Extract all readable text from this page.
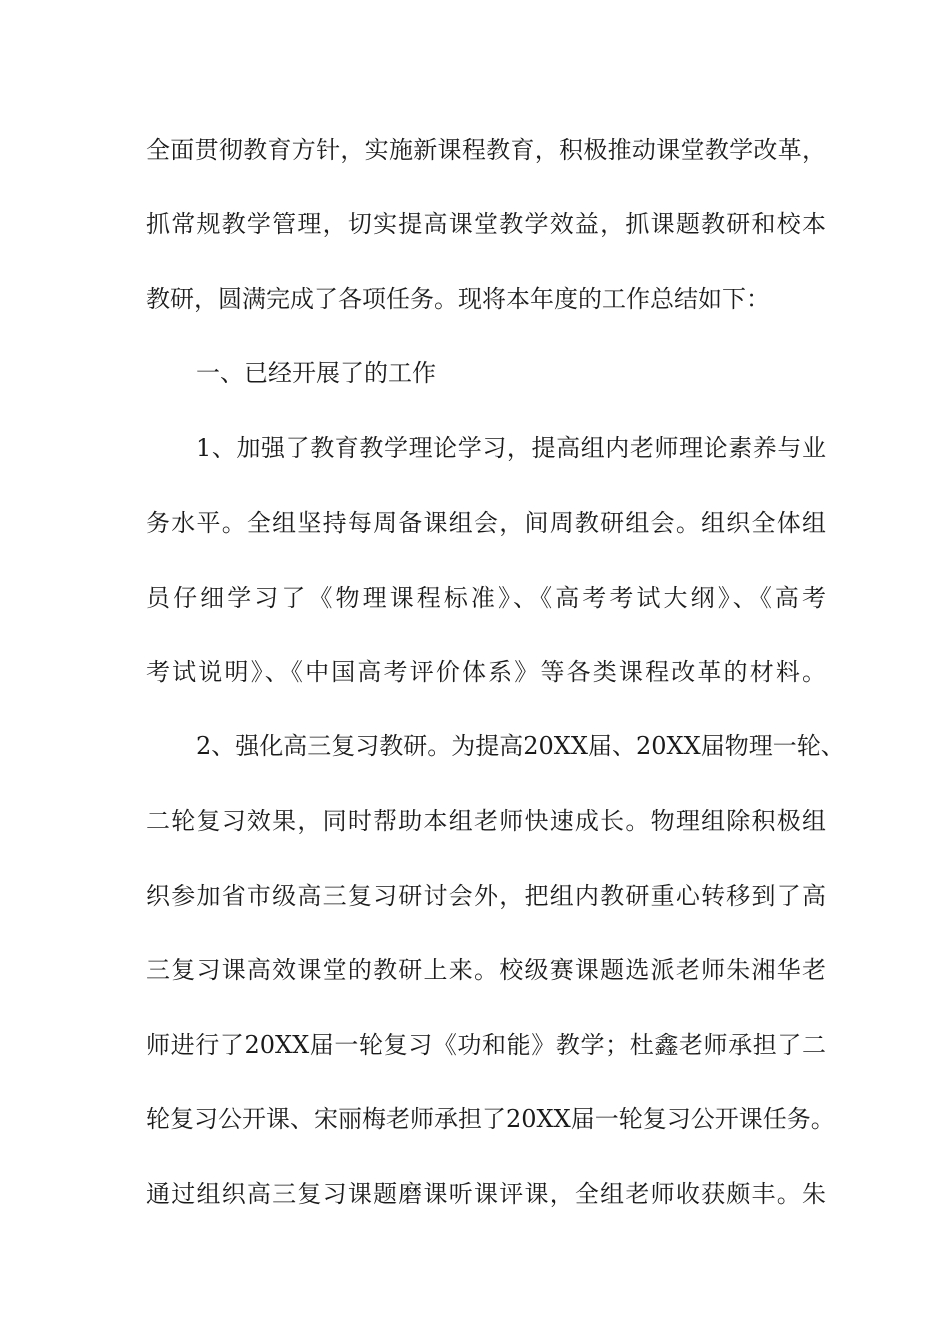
全面贯彻教育方针，实施新课程教育，积极推动课堂教学改革，
抓常规教学管理，切实提高课堂教学效益，抓课题教研和校本
教研，圆满完成了各项任务。现将本年度的工作总结如下：
一、已经开展了的工作
1、加强了教育教学理论学习，提高组内老师理论素养与业
务水平。全组坚持每周备课组会，间周教研组会。组织全体组
员仔细学习了《物理课程标准》、《高考考试大纲》、《高考
考试说明》、《中国高考评价体系》等各类课程改革的材料。
2、强化高三复习教研。为提高20XX届、20XX届物理一轮、
二轮复习效果，同时帮助本组老师快速成长。物理组除积极组
织参加省市级高三复习研讨会外，把组内教研重心转移到了高
三复习课高效课堂的教研上来。校级赛课题选派老师朱湘华老
师进行了20XX届一轮复习《功和能》教学；杜鑫老师承担了二
轮复习公开课、宋丽梅老师承担了20XX届一轮复习公开课任务。
通过组织高三复习课题磨课听课评课，全组老师收获颇丰。朱
